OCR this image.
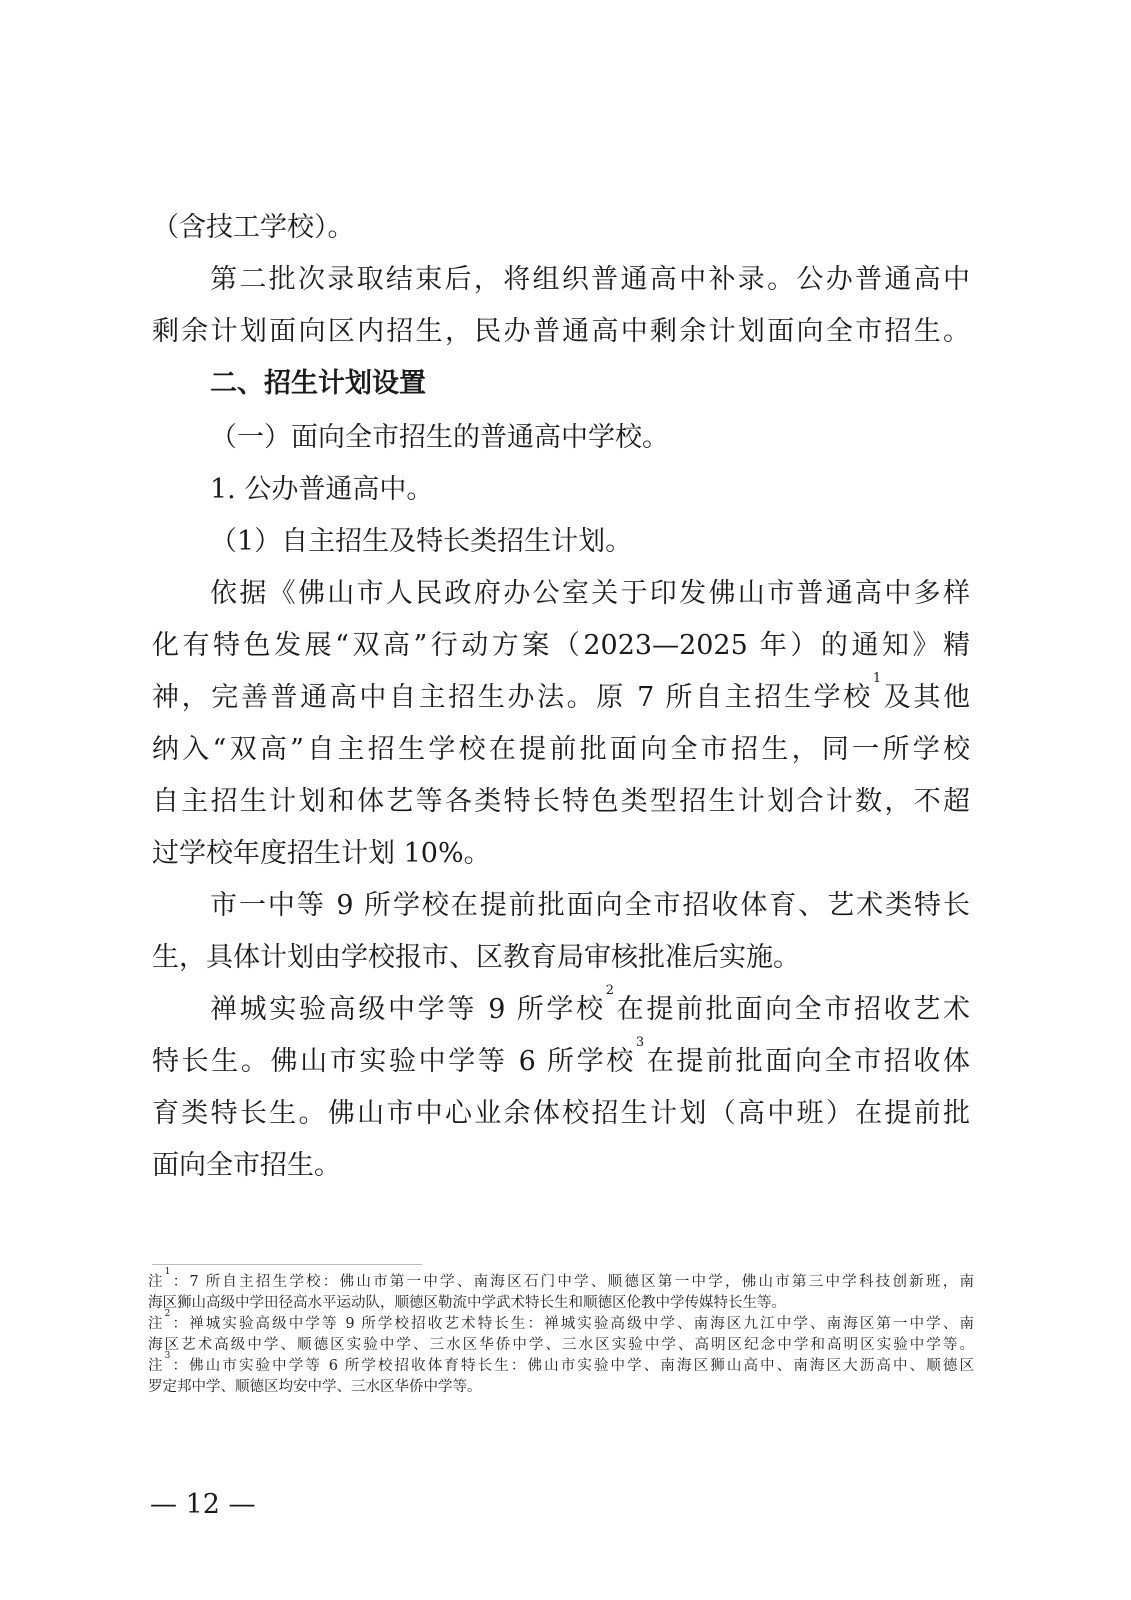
（含技工学校）。
第二批次录取结束后，将组织普通高中补录。公办普通高中
剩余计划面向区内招生，民办普通高中剩余计划面向全市招生。
二、招生计划设置
（一）面向全市招生的普通高中学校。
1. 公办普通高中。
（1）自主招生及特长类招生计划。
依据《佛山市人民政府办公室关于印发佛山市普通高中多样
化有特色发展“双高”行动方案（2023—2025 年）的通知》精
神，完善普通高中自主招生办法。原 7 所自主招生学校$^1$及其他
纳入“双高”自主招生学校在提前批面向全市招生，同一所学校
自主招生计划和体艺等各类特长特色类型招生计划合计数，不超
过学校年度招生计划 10%。
市一中等 9 所学校在提前批面向全市招收体育、艺术类特长
生，具体计划由学校报市、区教育局审核批准后实施。
禅城实验高级中学等 9 所学校$^2$在提前批面向全市招收艺术
特长生。佛山市实验中学等 6 所学校$^3$在提前批面向全市招收体
育类特长生。佛山市中心业余体校招生计划（高中班）在提前批
面向全市招生。
注$^1$：7 所自主招生学校：佛山市第一中学、南海区石门中学、顺德区第一中学，佛山市第三中学科技创新班，南
海区狮山高级中学田径高水平运动队，顺德区勒流中学武术特长生和顺德区伦教中学传媒特长生等。
注$^2$：禅城实验高级中学等 9 所学校招收艺术特长生：禅城实验高级中学、南海区九江中学、南海区第一中学、南
海区艺术高级中学、顺德区实验中学、三水区华侨中学、三水区实验中学、高明区纪念中学和高明区实验中学等。
注$^3$：佛山市实验中学等 6 所学校招收体育特长生：佛山市实验中学、南海区狮山高中、南海区大沥高中、顺德区
罗定邦中学、顺德区均安中学、三水区华侨中学等。
— 12 —
